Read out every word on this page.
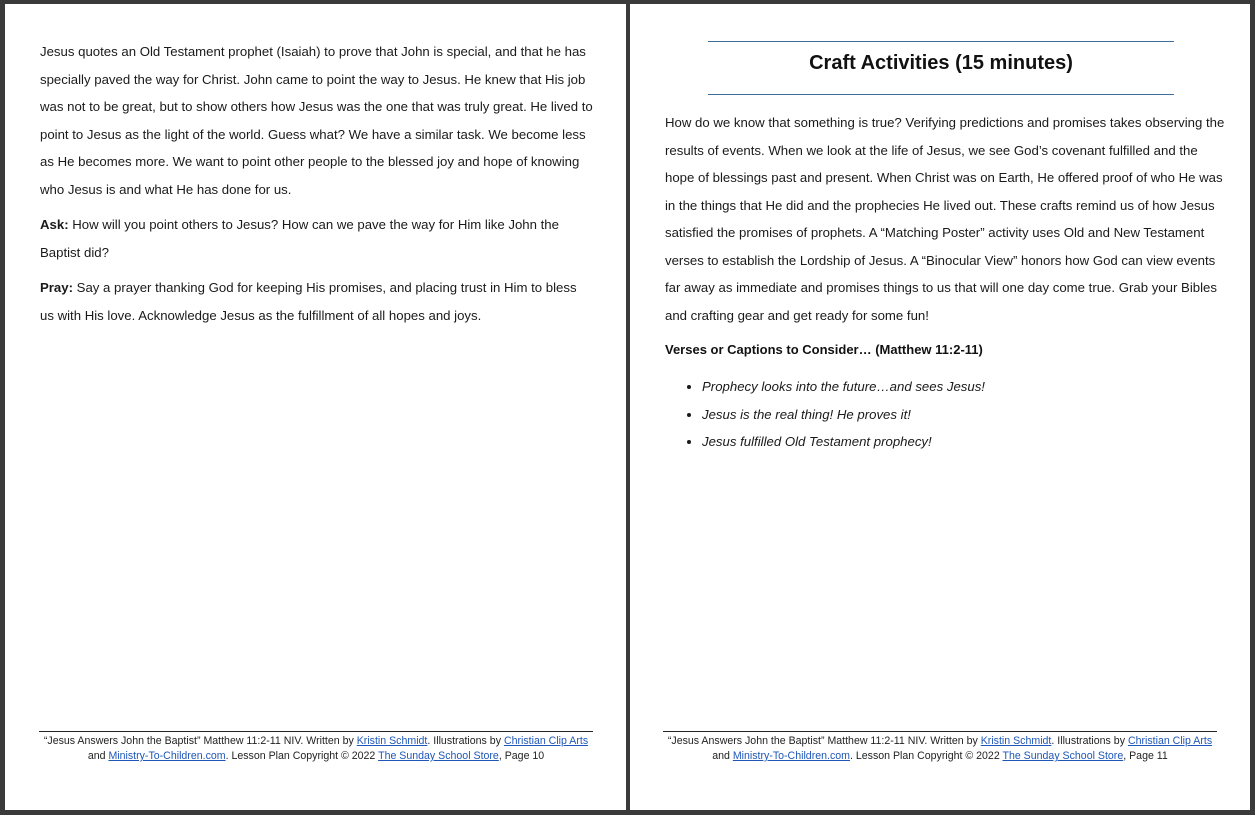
Jesus quotes an Old Testament prophet (Isaiah) to prove that John is special, and that he has specially paved the way for Christ. John came to point the way to Jesus. He knew that His job was not to be great, but to show others how Jesus was the one that was truly great. He lived to point to Jesus as the light of the world. Guess what? We have a similar task. We become less as He becomes more. We want to point other people to the blessed joy and hope of knowing who Jesus is and what He has done for us.

Ask: How will you point others to Jesus? How can we pave the way for Him like John the Baptist did?

Pray: Say a prayer thanking God for keeping His promises, and placing trust in Him to bless us with His love. Acknowledge Jesus as the fulfillment of all hopes and joys.

“Jesus Answers John the Baptist” Matthew 11:2-11 NIV. Written by Kristin Schmidt. Illustrations by Christian Clip Arts and Ministry-To-Children.com. Lesson Plan Copyright © 2022 The Sunday School Store, Page 10
Craft Activities (15 minutes)

How do we know that something is true? Verifying predictions and promises takes observing the results of events. When we look at the life of Jesus, we see God’s covenant fulfilled and the hope of blessings past and present. When Christ was on Earth, He offered proof of who He was in the things that He did and the prophecies He lived out. These crafts remind us of how Jesus satisfied the promises of prophets. A “Matching Poster” activity uses Old and New Testament verses to establish the Lordship of Jesus. A “Binocular View” honors how God can view events far away as immediate and promises things to us that will one day come true. Grab your Bibles and crafting gear and get ready for some fun!

Verses or Captions to Consider… (Matthew 11:2-11)

• Prophecy looks into the future…and sees Jesus!
• Jesus is the real thing! He proves it!
• Jesus fulfilled Old Testament prophecy!
“Jesus Answers John the Baptist” Matthew 11:2-11 NIV. Written by Kristin Schmidt. Illustrations by Christian Clip Arts and Ministry-To-Children.com. Lesson Plan Copyright © 2022 The Sunday School Store, Page 11
